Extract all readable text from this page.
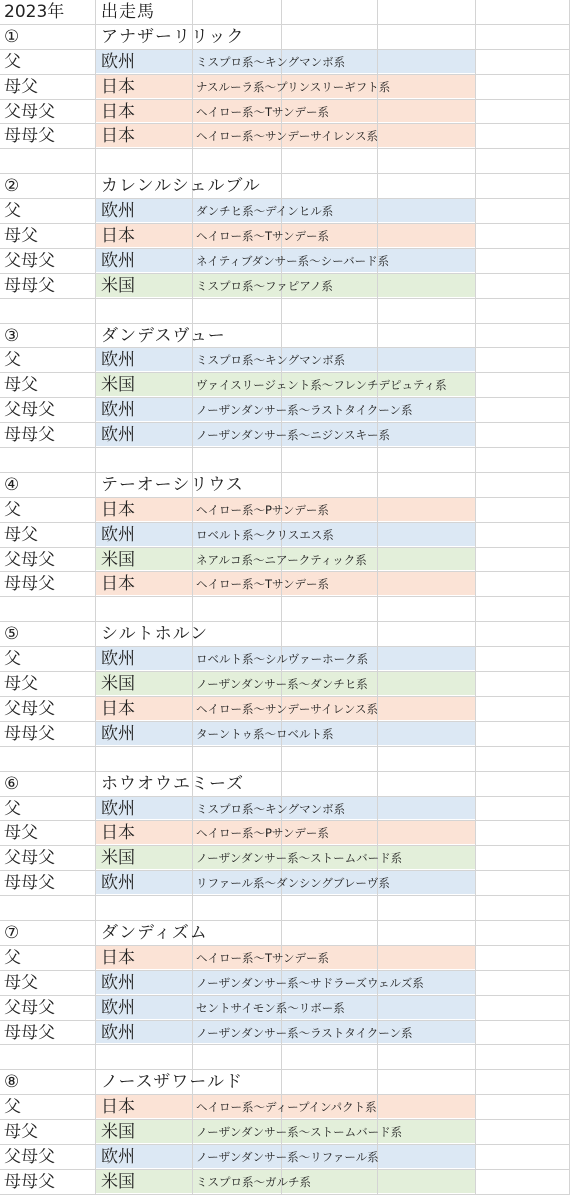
2023年 出走馬
①	アナザーリリック
父	欧州	ミスプロ系～キングマンボ系
母父	日本	ナスルーラ系～プリンスリーギフト系
父母父	日本	ヘイロー系～Tサンデー系
母母父	日本	ヘイロー系～サンデーサイレンス系
②	カレンルシェルブル
父	欧州	ダンチヒ系～デインヒル系
母父	日本	ヘイロー系～Tサンデー系
父母父	欧州	ネイティブダンサー系～シーバード系
母母父	米国	ミスプロ系～ファピアノ系
③	ダンデスヴュー
父	欧州	ミスプロ系～キングマンボ系
母父	米国	ヴァイスリージェント系～フレンチデピュティ系
父母父	欧州	ノーザンダンサー系～ラストタイクーン系
母母父	欧州	ノーザンダンサー系～ニジンスキー系
④	テーオーシリウス
父	日本	ヘイロー系～Pサンデー系
母父	欧州	ロベルト系～クリスエス系
父母父	米国	ネアルコ系～ニアークティック系
母母父	日本	ヘイロー系～Tサンデー系
⑤	シルトホルン
父	欧州	ロベルト系～シルヴァーホーク系
母父	米国	ノーザンダンサー系～ダンチヒ系
父母父	日本	ヘイロー系～サンデーサイレンス系
母母父	欧州	ターントゥ系～ロベルト系
⑥	ホウオウエミーズ
父	欧州	ミスプロ系～キングマンボ系
母父	日本	ヘイロー系～Pサンデー系
父母父	米国	ノーザンダンサー系～ストームバード系
母母父	欧州	リファール系～ダンシングブレーヴ系
⑦	ダンディズム
父	日本	ヘイロー系～Tサンデー系
母父	欧州	ノーザンダンサー系～サドラーズウェルズ系
父母父	欧州	セントサイモン系～リボー系
母母父	欧州	ノーザンダンサー系～ラストタイクーン系
⑧	ノースザワールド
父	日本	ヘイロー系～ディープインパクト系
母父	米国	ノーザンダンサー系～ストームバード系
父母父	欧州	ノーザンダンサー系～リファール系
母母父	米国	ミスプロ系～ガルチ系
